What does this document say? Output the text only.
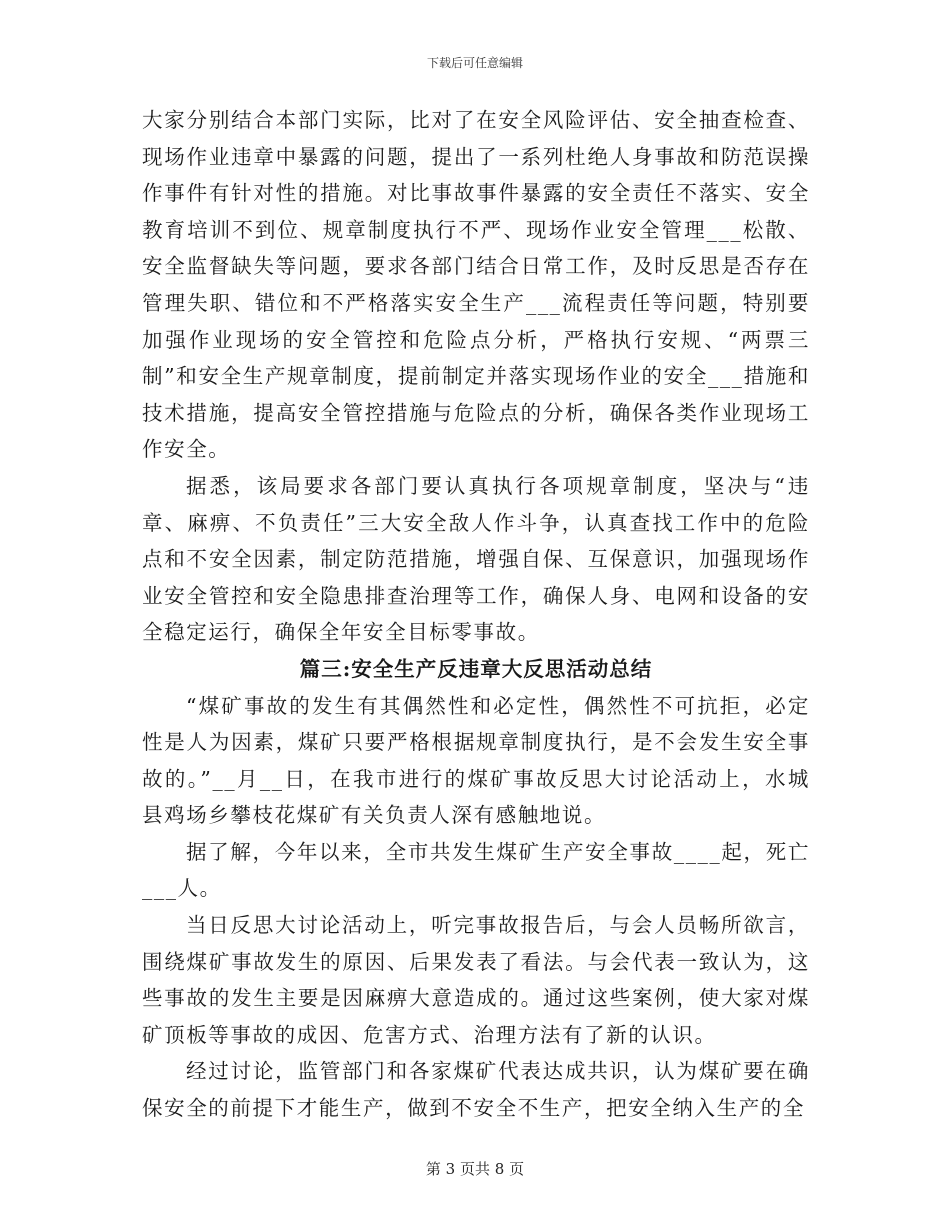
下载后可任意编辑

大家分别结合本部门实际，比对了在安全风险评估、安全抽查检查、现场作业违章中暴露的问题，提出了一系列杜绝人身事故和防范误操作事件有针对性的措施。对比事故事件暴露的安全责任不落实、安全教育培训不到位、规章制度执行不严、现场作业安全管理___松散、安全监督缺失等问题，要求各部门结合日常工作，及时反思是否存在管理失职、错位和不严格落实安全生产___流程责任等问题，特别要加强作业现场的安全管控和危险点分析，严格执行安规、“两票三制”和安全生产规章制度，提前制定并落实现场作业的安全___措施和技术措施，提高安全管控措施与危险点的分析，确保各类作业现场工作安全。

据悉，该局要求各部门要认真执行各项规章制度，坚决与“违章、麻痹、不负责任”三大安全敌人作斗争，认真查找工作中的危险点和不安全因素，制定防范措施，增强自保、互保意识，加强现场作业安全管控和安全隐患排查治理等工作，确保人身、电网和设备的安全稳定运行，确保全年安全目标零事故。

篇三:安全生产反违章大反思活动总结

“煤矿事故的发生有其偶然性和必定性，偶然性不可抗拒，必定性是人为因素，煤矿只要严格根据规章制度执行，是不会发生安全事故的。”__月__日，在我市进行的煤矿事故反思大讨论活动上，水城县鸡场乡攀枝花煤矿有关负责人深有感触地说。

据了解，今年以来，全市共发生煤矿生产安全事故____起，死亡___人。

当日反思大讨论活动上，听完事故报告后，与会人员畅所欲言，围绕煤矿事故发生的原因、后果发表了看法。与会代表一致认为，这些事故的发生主要是因麻痹大意造成的。通过这些案例，使大家对煤矿顶板等事故的成因、危害方式、治理方法有了新的认识。

经过讨论，监管部门和各家煤矿代表达成共识，认为煤矿要在确保安全的前提下才能生产，做到不安全不生产，把安全纳入生产的全

第 3 页共 8 页
